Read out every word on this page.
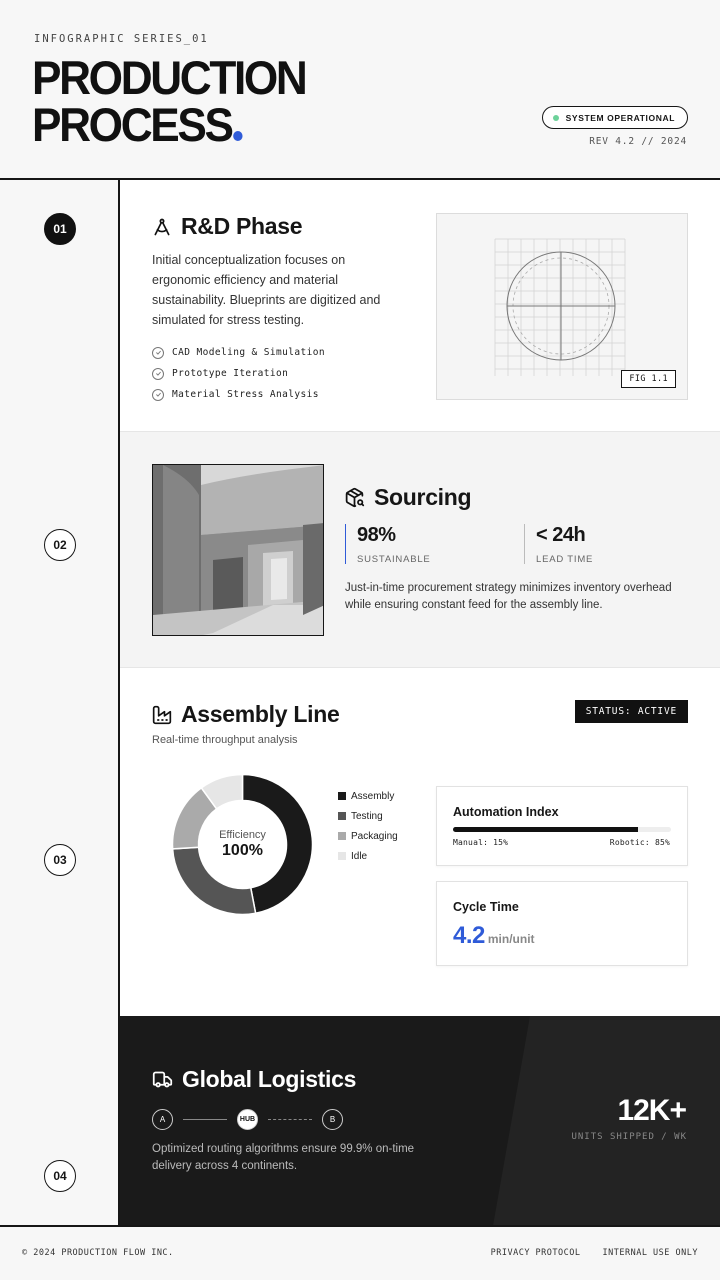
INFOGRAPHIC SERIES_01
PRODUCTION
PROCESS	SYSTEM OPERATIONAL
REV 4.2 // 2024
01
02
03
04
R&D Phase
Initial conceptualization focuses on ergonomic efficiency and material sustainability. Blueprints are digitized and simulated for stress testing.
CAD Modeling & Simulation
Prototype Iteration
Material Stress Analysis
FIG 1.1
Sourcing
98%
SUSTAINABLE
< 24h
LEAD TIME
Just-in-time procurement strategy minimizes inventory overhead while ensuring constant feed for the assembly line.
Assembly Line
Real-time throughput analysis
STATUS: ACTIVE
Efficiency
100%
Assembly
Testing
Packaging
Idle
Automation Index
Manual: 15%	Robotic: 85%
Cycle Time
4.2 min/unit
Global Logistics
A	HUB	B
Optimized routing algorithms ensure 99.9% on-time delivery across 4 continents.
12K+
UNITS SHIPPED / WK
© 2024 PRODUCTION FLOW INC.	PRIVACY PROTOCOL	INTERNAL USE ONLY
